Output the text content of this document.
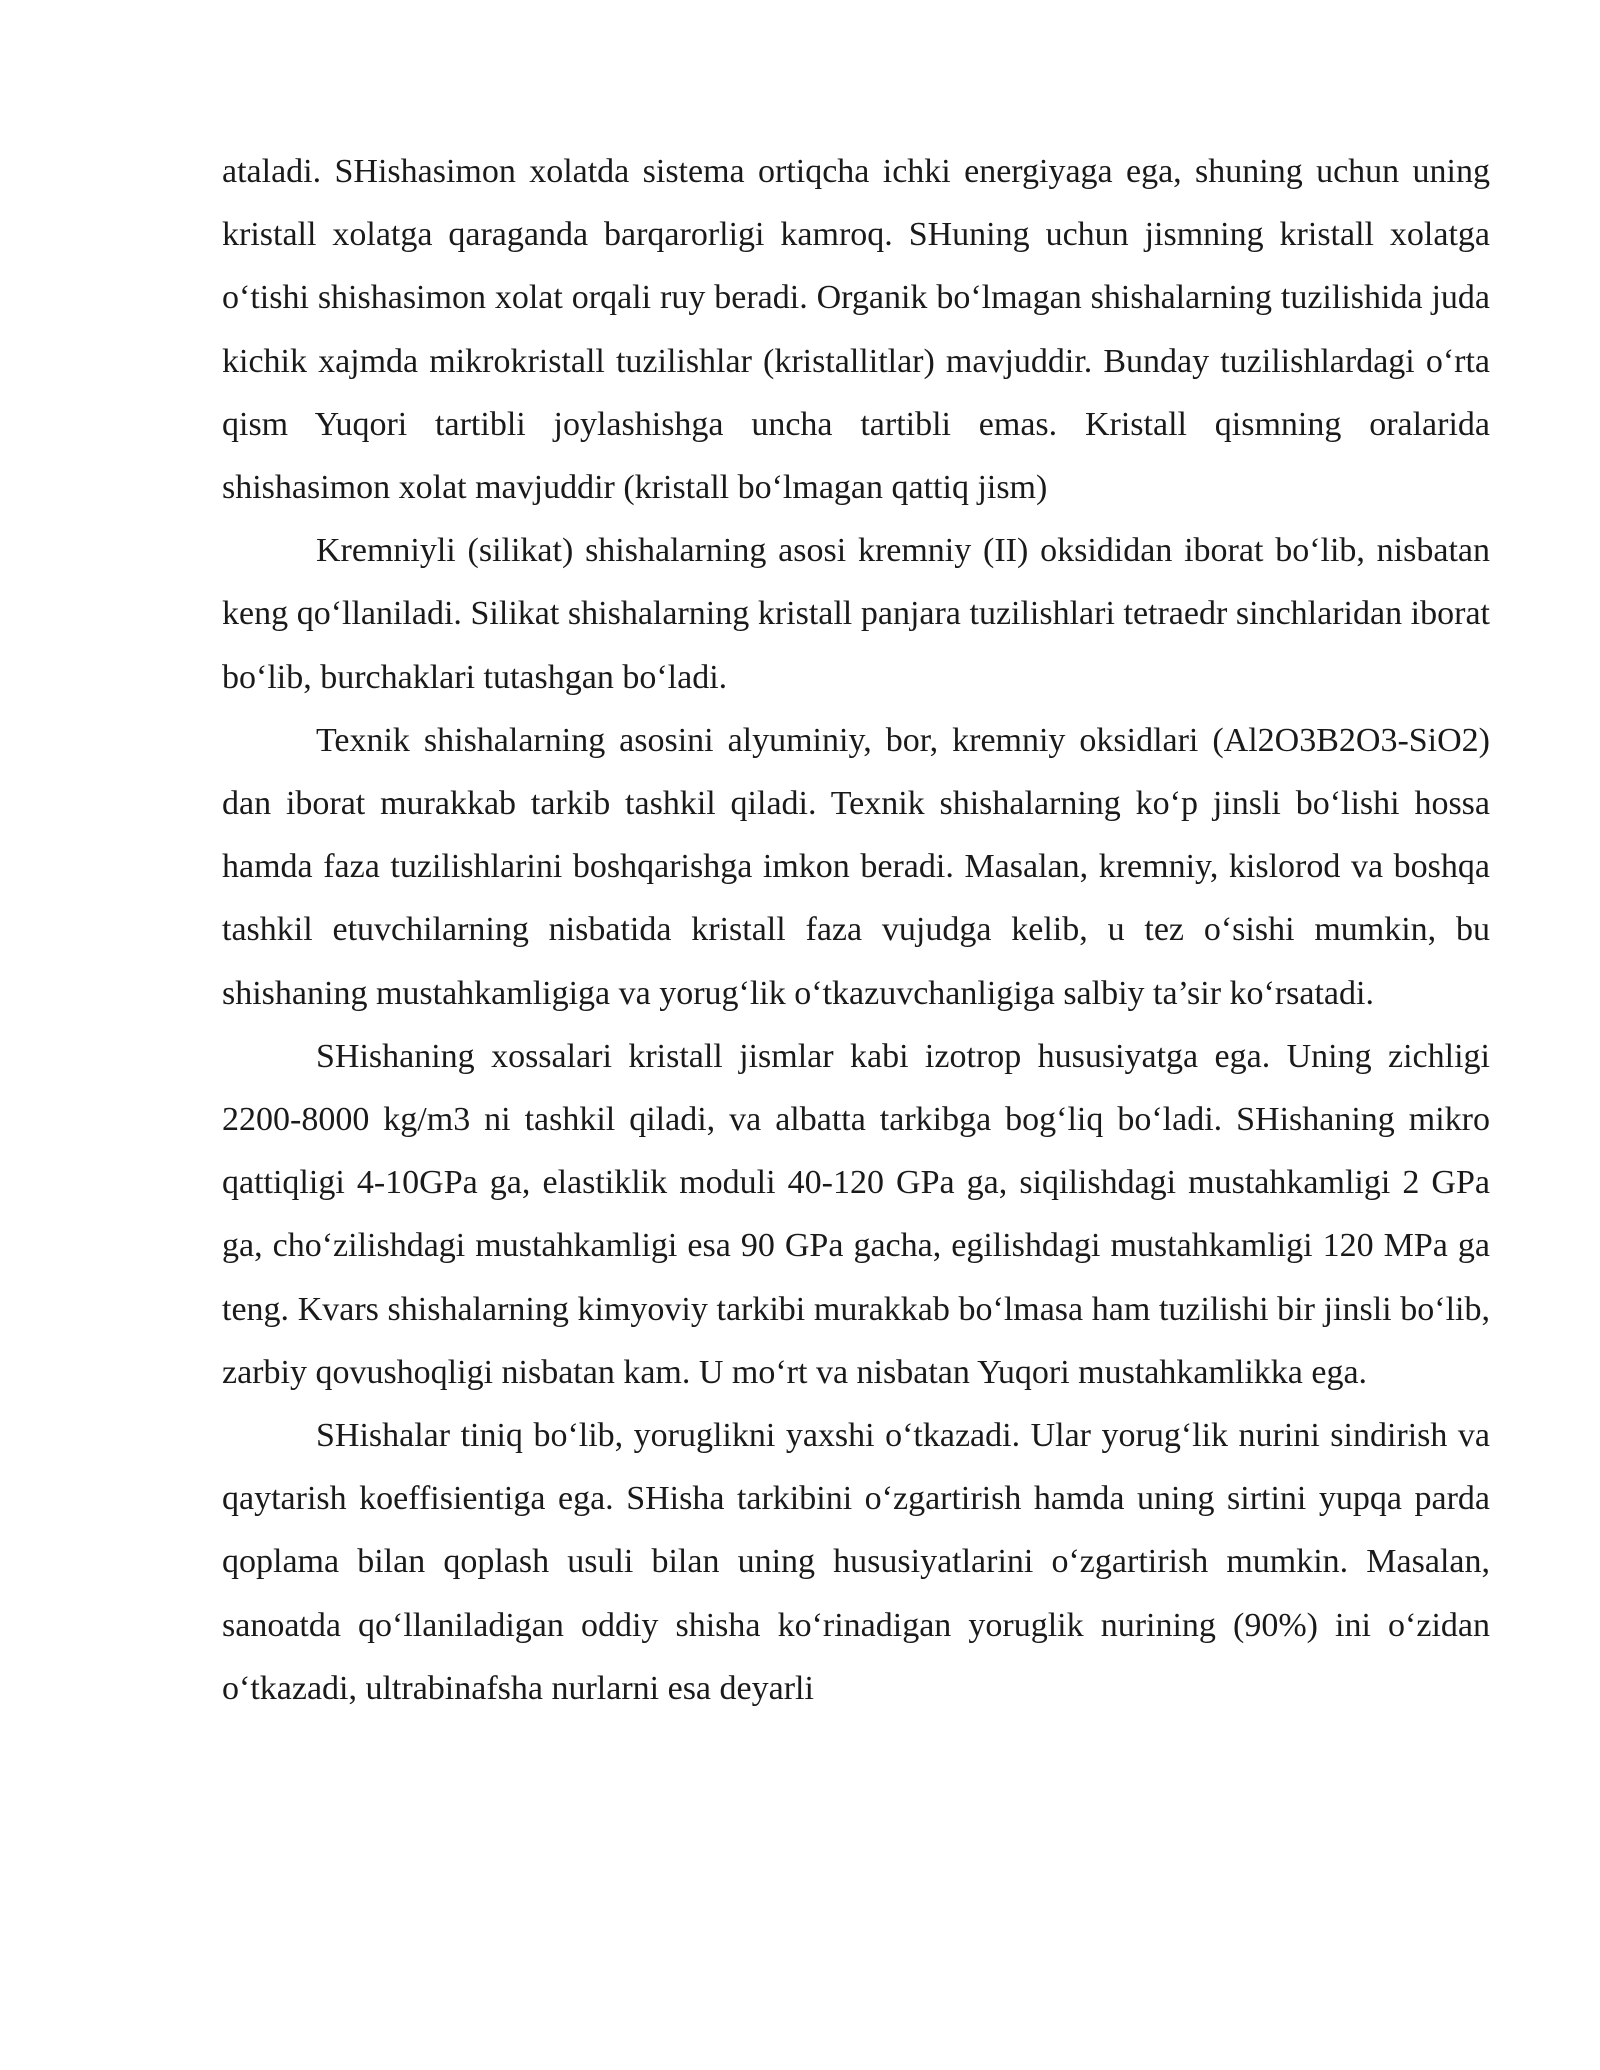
ataladi. SHishasimon xolatda sistema ortiqcha ichki energiyaga ega, shuning uchun uning kristall xolatga qaraganda barqarorligi kamroq. SHuning uchun jismning kristall xolatga o‘tishi shishasimon xolat orqali ruy beradi. Organik bo‘lmagan shishalarning tuzilishida juda kichik xajmda mikrokristall tuzilishlar (kristallitlar) mavjuddir. Bunday tuzilishlardagi o‘rta qism Yuqori tartibli joylashishga uncha tartibli emas. Kristall qismning oralarida shishasimon xolat mavjuddir (kristall bo‘lmagan qattiq jism)

Kremniyli (silikat) shishalarning asosi kremniy (II) oksididan iborat bo‘lib, nisbatan keng qo‘llaniladi. Silikat shishalarning kristall panjara tuzilishlari tetraedr sinchlaridan iborat bo‘lib, burchaklari tutashgan bo‘ladi.

Texnik shishalarning asosini alyuminiy, bor, kremniy oksidlari (Al2O3B2O3-SiO2) dan iborat murakkab tarkib tashkil qiladi. Texnik shishalarning ko‘p jinsli bo‘lishi hossa hamda faza tuzilishlarini boshqarishga imkon beradi. Masalan, kremniy, kislorod va boshqa tashkil etuvchilarning nisbatida kristall faza vujudga kelib, u tez o‘sishi mumkin, bu shishaning mustahkamligiga va yorug‘lik o‘tkazuvchanligiga salbiy ta’sir ko‘rsatadi.

SHishaning xossalari kristall jismlar kabi izotrop hususiyatga ega. Uning zichligi 2200-8000 kg/m3 ni tashkil qiladi, va albatta tarkibga bog‘liq bo‘ladi. SHishaning mikro qattiqligi 4-10GPa ga, elastiklik moduli 40-120 GPa ga, siqilishdagi mustahkamligi 2 GPa ga, cho‘zilishdagi mustahkamligi esa 90 GPa gacha, egilishdagi mustahkamligi 120 MPa ga teng. Kvars shishalarning kimyoviy tarkibi murakkab bo‘lmasa ham tuzilishi bir jinsli bo‘lib, zarbiy qovushoqligi nisbatan kam. U mo‘rt va nisbatan Yuqori mustahkamlikka ega.

SHishalar tiniq bo‘lib, yoruglikni yaxshi o‘tkazadi. Ular yorug‘lik nurini sindirish va qaytarish koeffisientiga ega. SHisha tarkibini o‘zgartirish hamda uning sirtini yupqa parda qoplama bilan qoplash usuli bilan uning hususiyatlarini o‘zgartirish mumkin. Masalan, sanoatda qo‘llaniladigan oddiy shisha ko‘rinadigan yoruglik nurining (90%) ini o‘zidan o‘tkazadi, ultrabinafsha nurlarni esa deyarli
